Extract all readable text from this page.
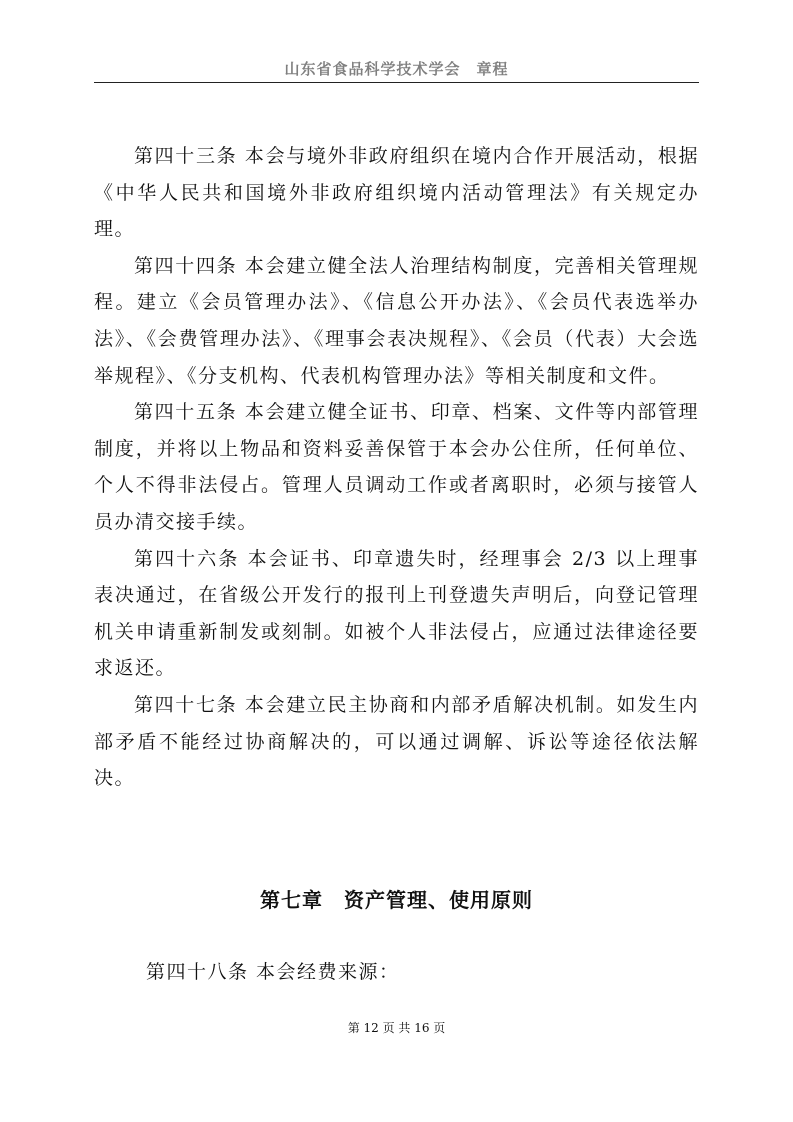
山东省食品科学技术学会　章程

第四十三条 本会与境外非政府组织在境内合作开展活动，根据《中华人民共和国境外非政府组织境内活动管理法》有关规定办理。

第四十四条 本会建立健全法人治理结构制度，完善相关管理规程。建立《会员管理办法》、《信息公开办法》、《会员代表选举办法》、《会费管理办法》、《理事会表决规程》、《会员（代表）大会选举规程》、《分支机构、代表机构管理办法》等相关制度和文件。

第四十五条 本会建立健全证书、印章、档案、文件等内部管理制度，并将以上物品和资料妥善保管于本会办公住所，任何单位、个人不得非法侵占。管理人员调动工作或者离职时，必须与接管人员办清交接手续。

第四十六条 本会证书、印章遗失时，经理事会 2/3 以上理事表决通过，在省级公开发行的报刊上刊登遗失声明后，向登记管理机关申请重新制发或刻制。如被个人非法侵占，应通过法律途径要求返还。

第四十七条 本会建立民主协商和内部矛盾解决机制。如发生内部矛盾不能经过协商解决的，可以通过调解、诉讼等途径依法解决。

第七章　资产管理、使用原则

第四十八条 本会经费来源：

第 12 页 共 16 页
